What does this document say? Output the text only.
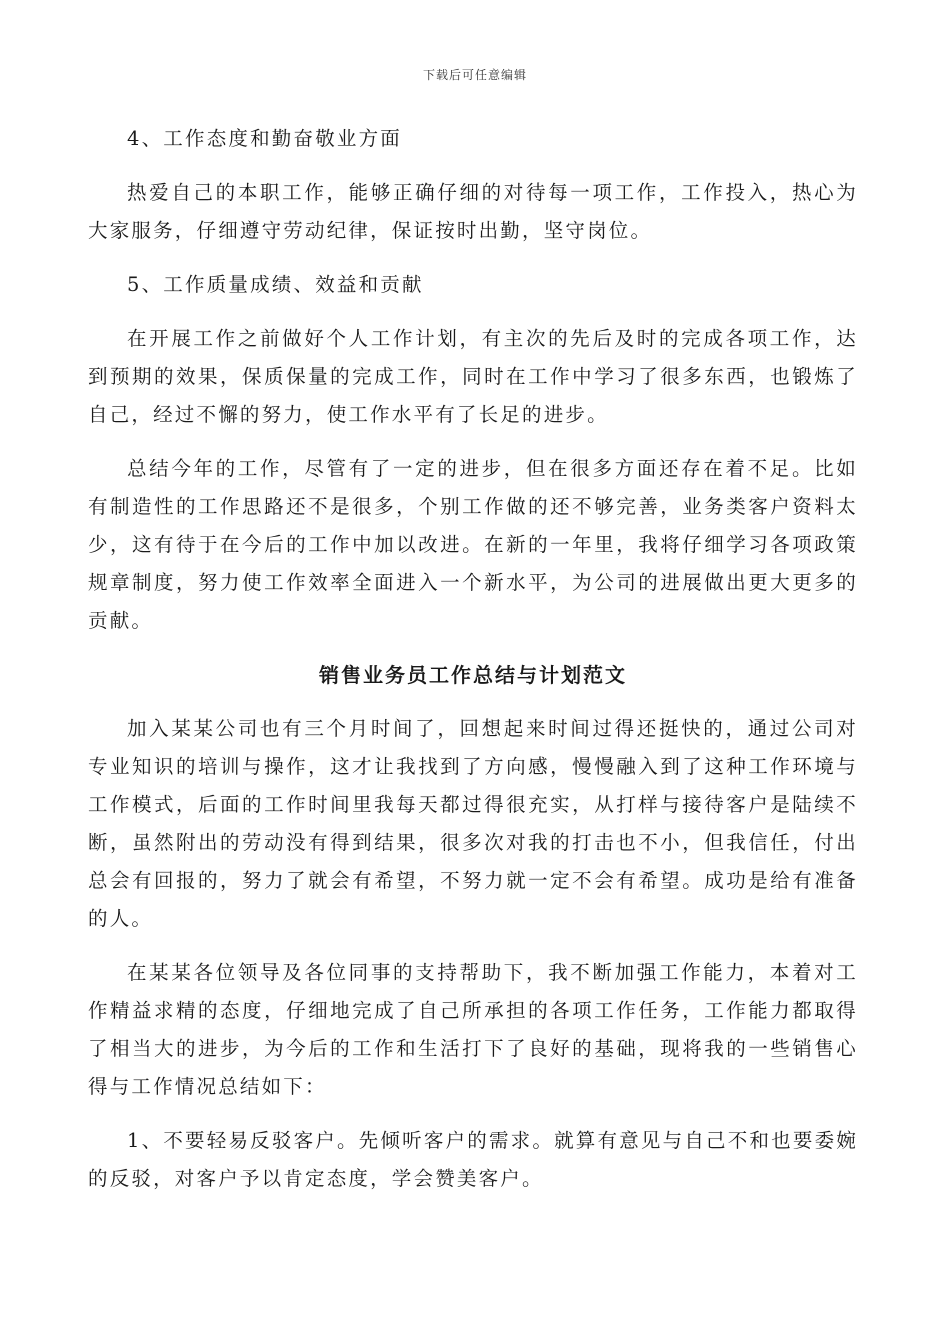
下载后可任意编辑

4、工作态度和勤奋敬业方面

热爱自己的本职工作，能够正确仔细的对待每一项工作，工作投入，热心为大家服务，仔细遵守劳动纪律，保证按时出勤，坚守岗位。

5、工作质量成绩、效益和贡献

在开展工作之前做好个人工作计划，有主次的先后及时的完成各项工作，达到预期的效果，保质保量的完成工作，同时在工作中学习了很多东西，也锻炼了自己，经过不懈的努力，使工作水平有了长足的进步。

总结今年的工作，尽管有了一定的进步，但在很多方面还存在着不足。比如有制造性的工作思路还不是很多，个别工作做的还不够完善，业务类客户资料太少，这有待于在今后的工作中加以改进。在新的一年里，我将仔细学习各项政策规章制度，努力使工作效率全面进入一个新水平，为公司的进展做出更大更多的贡献。

销售业务员工作总结与计划范文

加入某某公司也有三个月时间了，回想起来时间过得还挺快的，通过公司对专业知识的培训与操作，这才让我找到了方向感，慢慢融入到了这种工作环境与工作模式，后面的工作时间里我每天都过得很充实，从打样与接待客户是陆续不断，虽然附出的劳动没有得到结果，很多次对我的打击也不小，但我信任，付出总会有回报的，努力了就会有希望，不努力就一定不会有希望。成功是给有准备的人。

在某某各位领导及各位同事的支持帮助下，我不断加强工作能力，本着对工作精益求精的态度，仔细地完成了自己所承担的各项工作任务，工作能力都取得了相当大的进步，为今后的工作和生活打下了良好的基础，现将我的一些销售心得与工作情况总结如下：

1、不要轻易反驳客户。先倾听客户的需求。就算有意见与自己不和也要委婉的反驳，对客户予以肯定态度，学会赞美客户。
